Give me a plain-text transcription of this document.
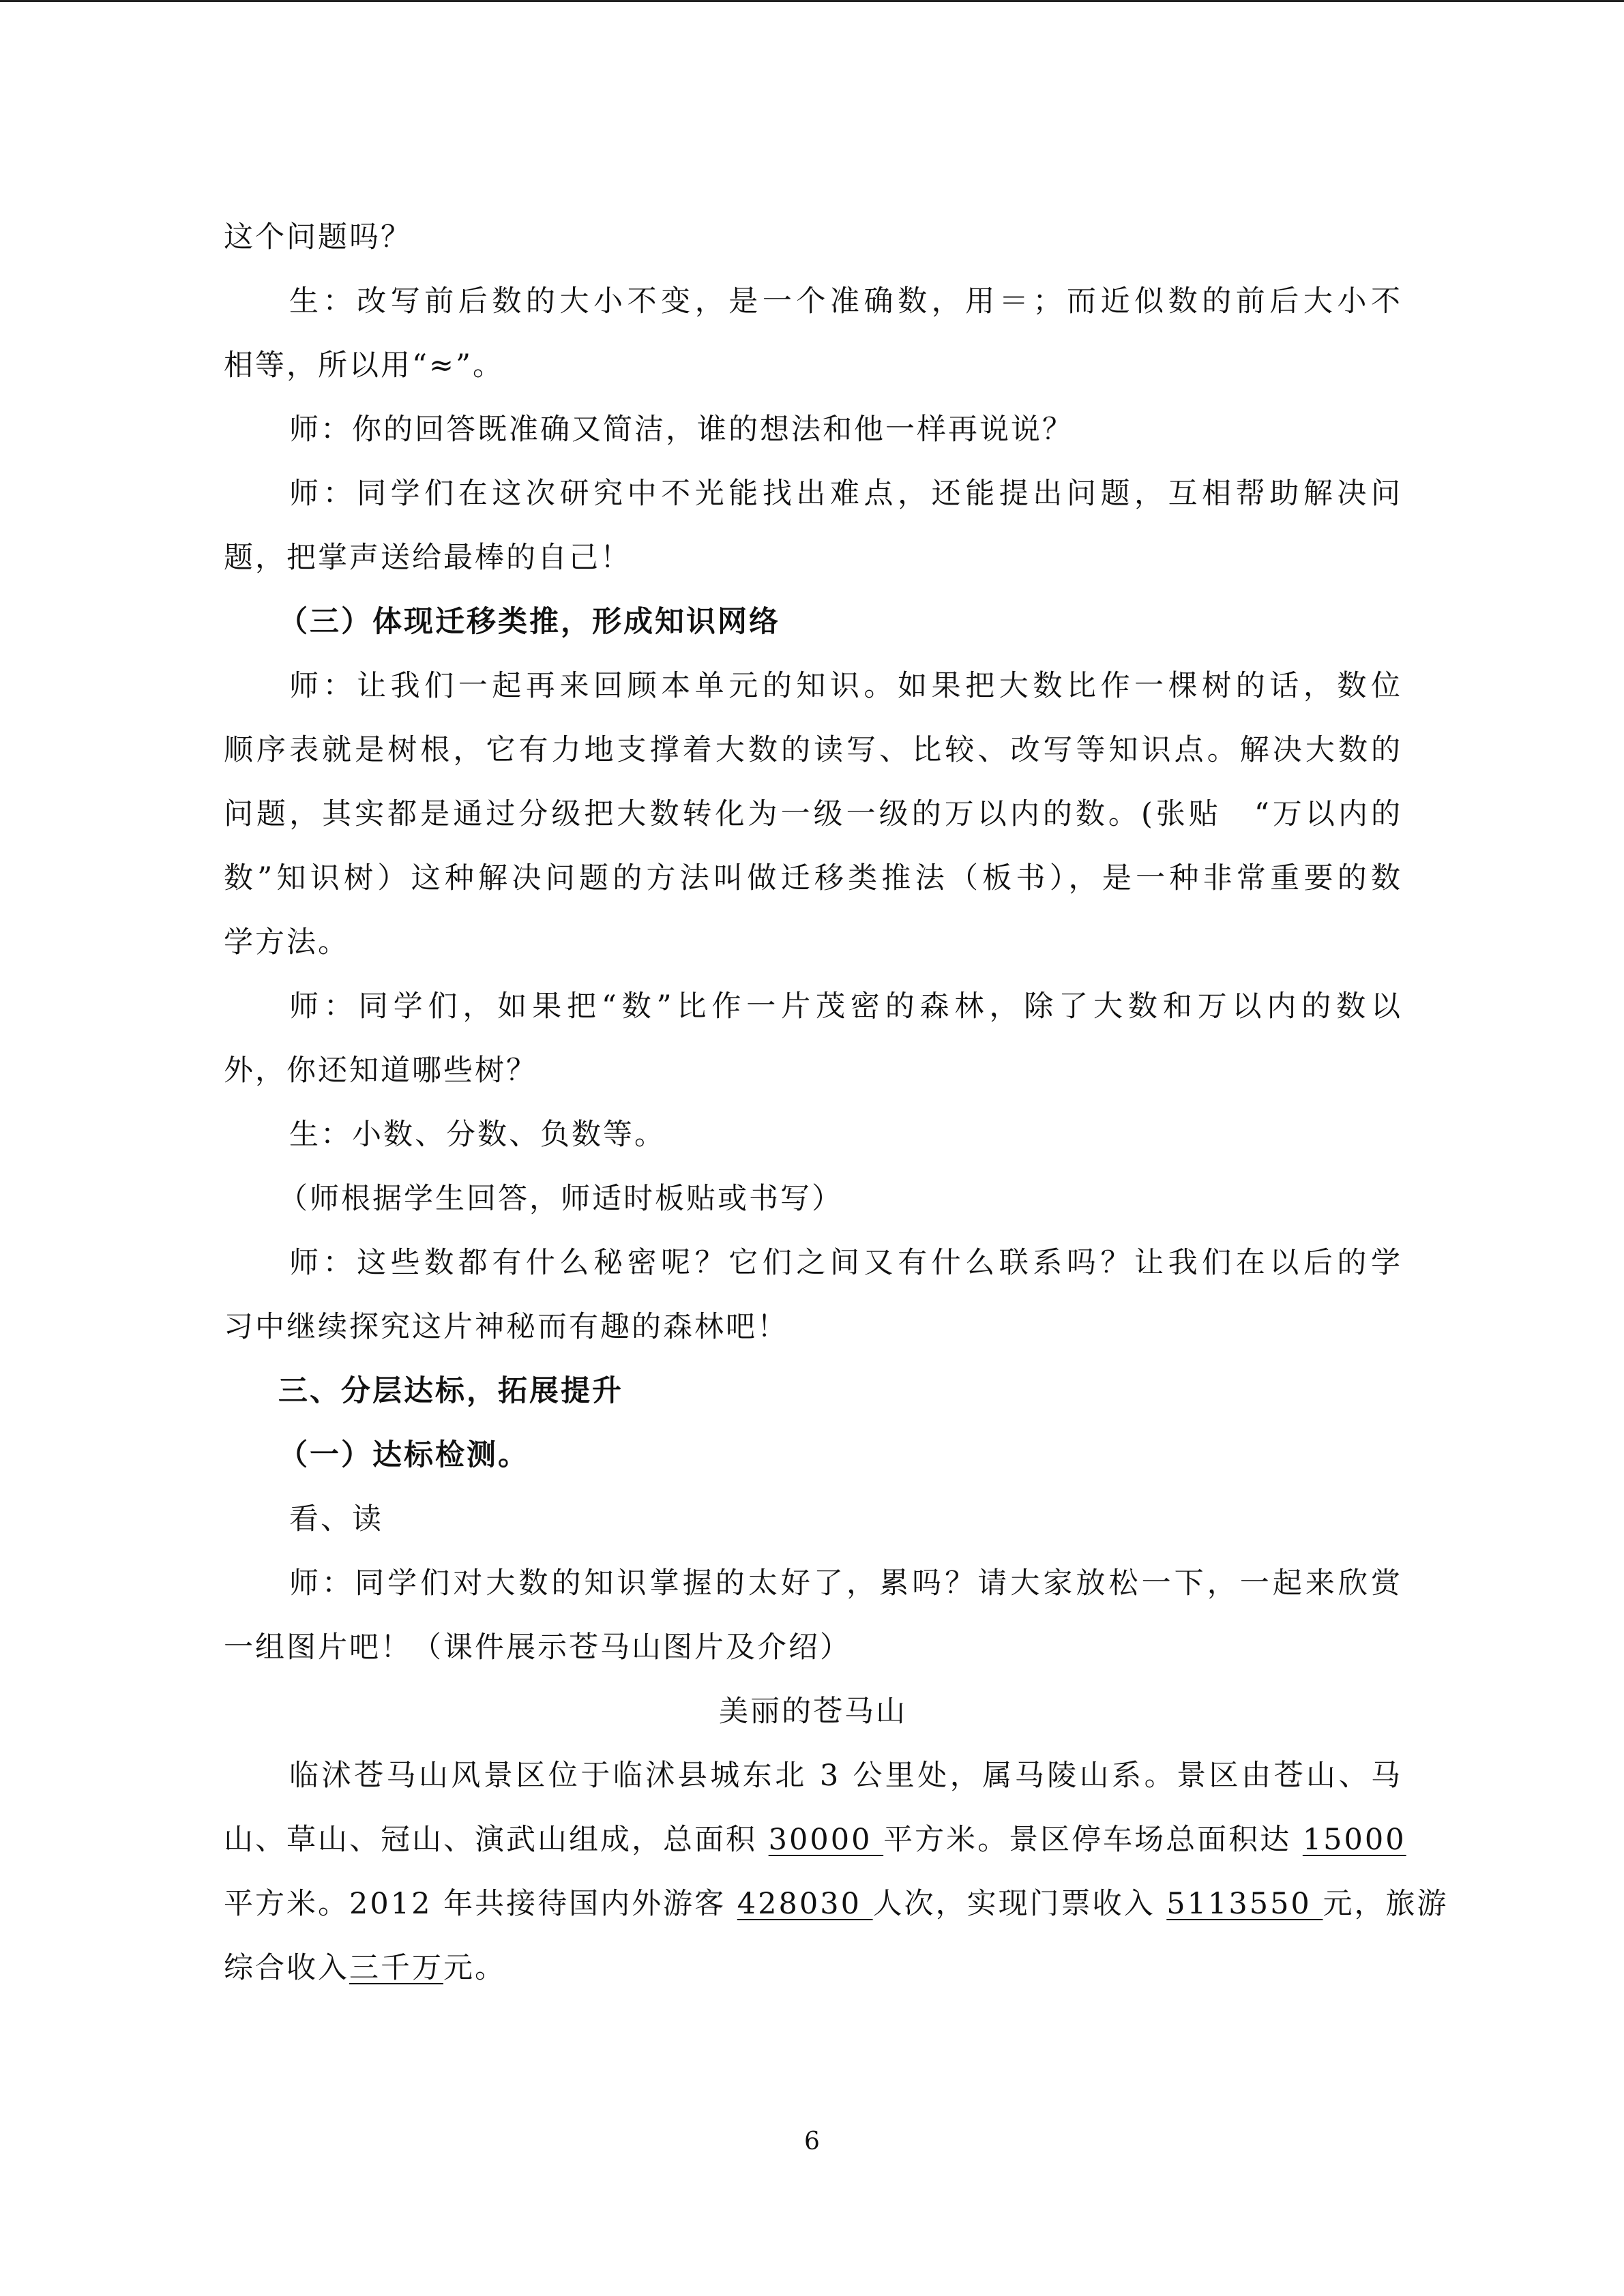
这个问题吗？
生：改写前后数的大小不变，是一个准确数，用＝；而近似数的前后大小不
相等，所以用“≈”。
师：你的回答既准确又简洁，谁的想法和他一样再说说？
师：同学们在这次研究中不光能找出难点，还能提出问题，互相帮助解决问
题，把掌声送给最棒的自己！
（三）体现迁移类推，形成知识网络
师：让我们一起再来回顾本单元的知识。如果把大数比作一棵树的话，数位
顺序表就是树根，它有力地支撑着大数的读写、比较、改写等知识点。解决大数的
问题，其实都是通过分级把大数转化为一级一级的万以内的数。(张贴　“万以内的
数”知识树）这种解决问题的方法叫做迁移类推法（板书），是一种非常重要的数
学方法。
师：同学们，如果把“数”比作一片茂密的森林，除了大数和万以内的数以
外，你还知道哪些树？
生：小数、分数、负数等。
（师根据学生回答，师适时板贴或书写）
师：这些数都有什么秘密呢？它们之间又有什么联系吗？让我们在以后的学
习中继续探究这片神秘而有趣的森林吧！
三、分层达标，拓展提升
（一）达标检测。
看、读
师：同学们对大数的知识掌握的太好了，累吗？请大家放松一下，一起来欣赏
一组图片吧！（课件展示苍马山图片及介绍）
美丽的苍马山
临沭苍马山风景区位于临沭县城东北 3 公里处，属马陵山系。景区由苍山、马
山、草山、冠山、演武山组成，总面积 30000 平方米。景区停车场总面积达 15000
平方米。2012 年共接待国内外游客 428030 人次，实现门票收入 5113550 元，旅游
综合收入三千万元。
6
